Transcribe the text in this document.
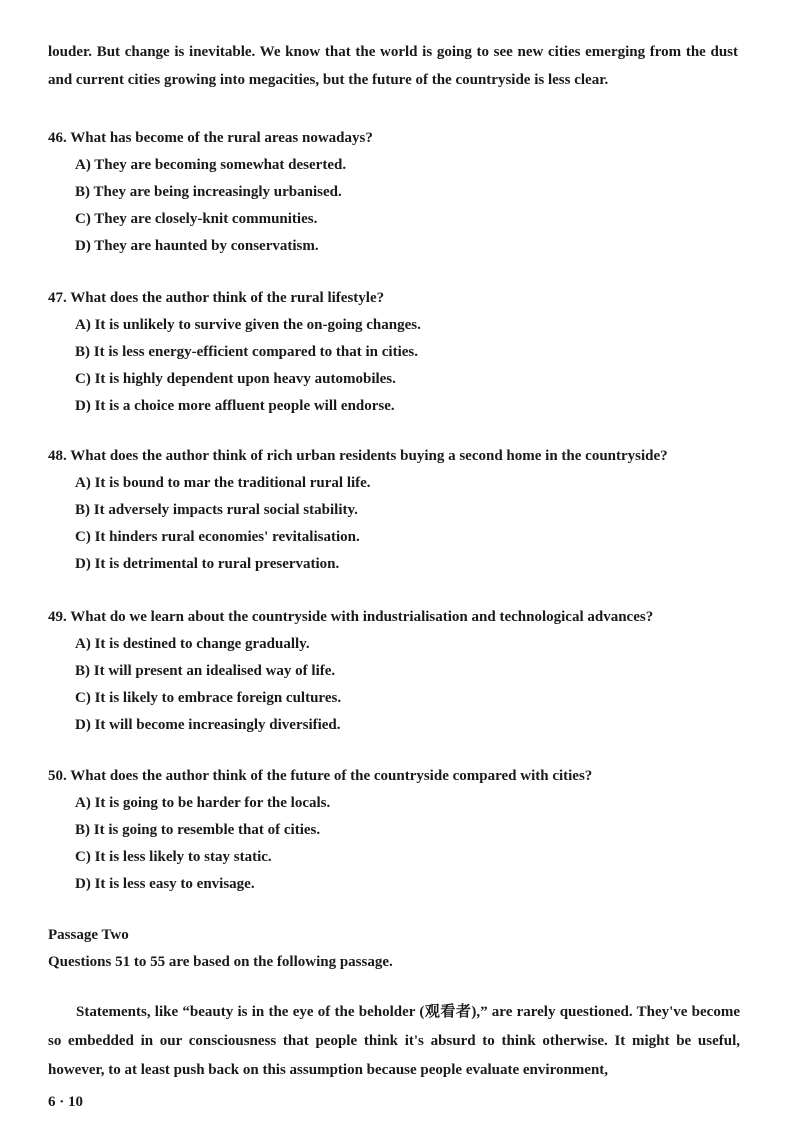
louder. But change is inevitable. We know that the world is going to see new cities emerging from the dust and current cities growing into megacities, but the future of the countryside is less clear.
46. What has become of the rural areas nowadays?
A) They are becoming somewhat deserted.
B) They are being increasingly urbanised.
C) They are closely-knit communities.
D) They are haunted by conservatism.
47. What does the author think of the rural lifestyle?
A) It is unlikely to survive given the on-going changes.
B) It is less energy-efficient compared to that in cities.
C) It is highly dependent upon heavy automobiles.
D) It is a choice more affluent people will endorse.
48. What does the author think of rich urban residents buying a second home in the countryside?
A) It is bound to mar the traditional rural life.
B) It adversely impacts rural social stability.
C) It hinders rural economies' revitalisation.
D) It is detrimental to rural preservation.
49. What do we learn about the countryside with industrialisation and technological advances?
A) It is destined to change gradually.
B) It will present an idealised way of life.
C) It is likely to embrace foreign cultures.
D) It will become increasingly diversified.
50. What does the author think of the future of the countryside compared with cities?
A) It is going to be harder for the locals.
B) It is going to resemble that of cities.
C) It is less likely to stay static.
D) It is less easy to envisage.
Passage Two
Questions 51 to 55 are based on the following passage.
Statements, like “beauty is in the eye of the beholder (观看者),” are rarely questioned. They've become so embedded in our consciousness that people think it's absurd to think otherwise. It might be useful, however, to at least push back on this assumption because people evaluate environment,
6 · 10
